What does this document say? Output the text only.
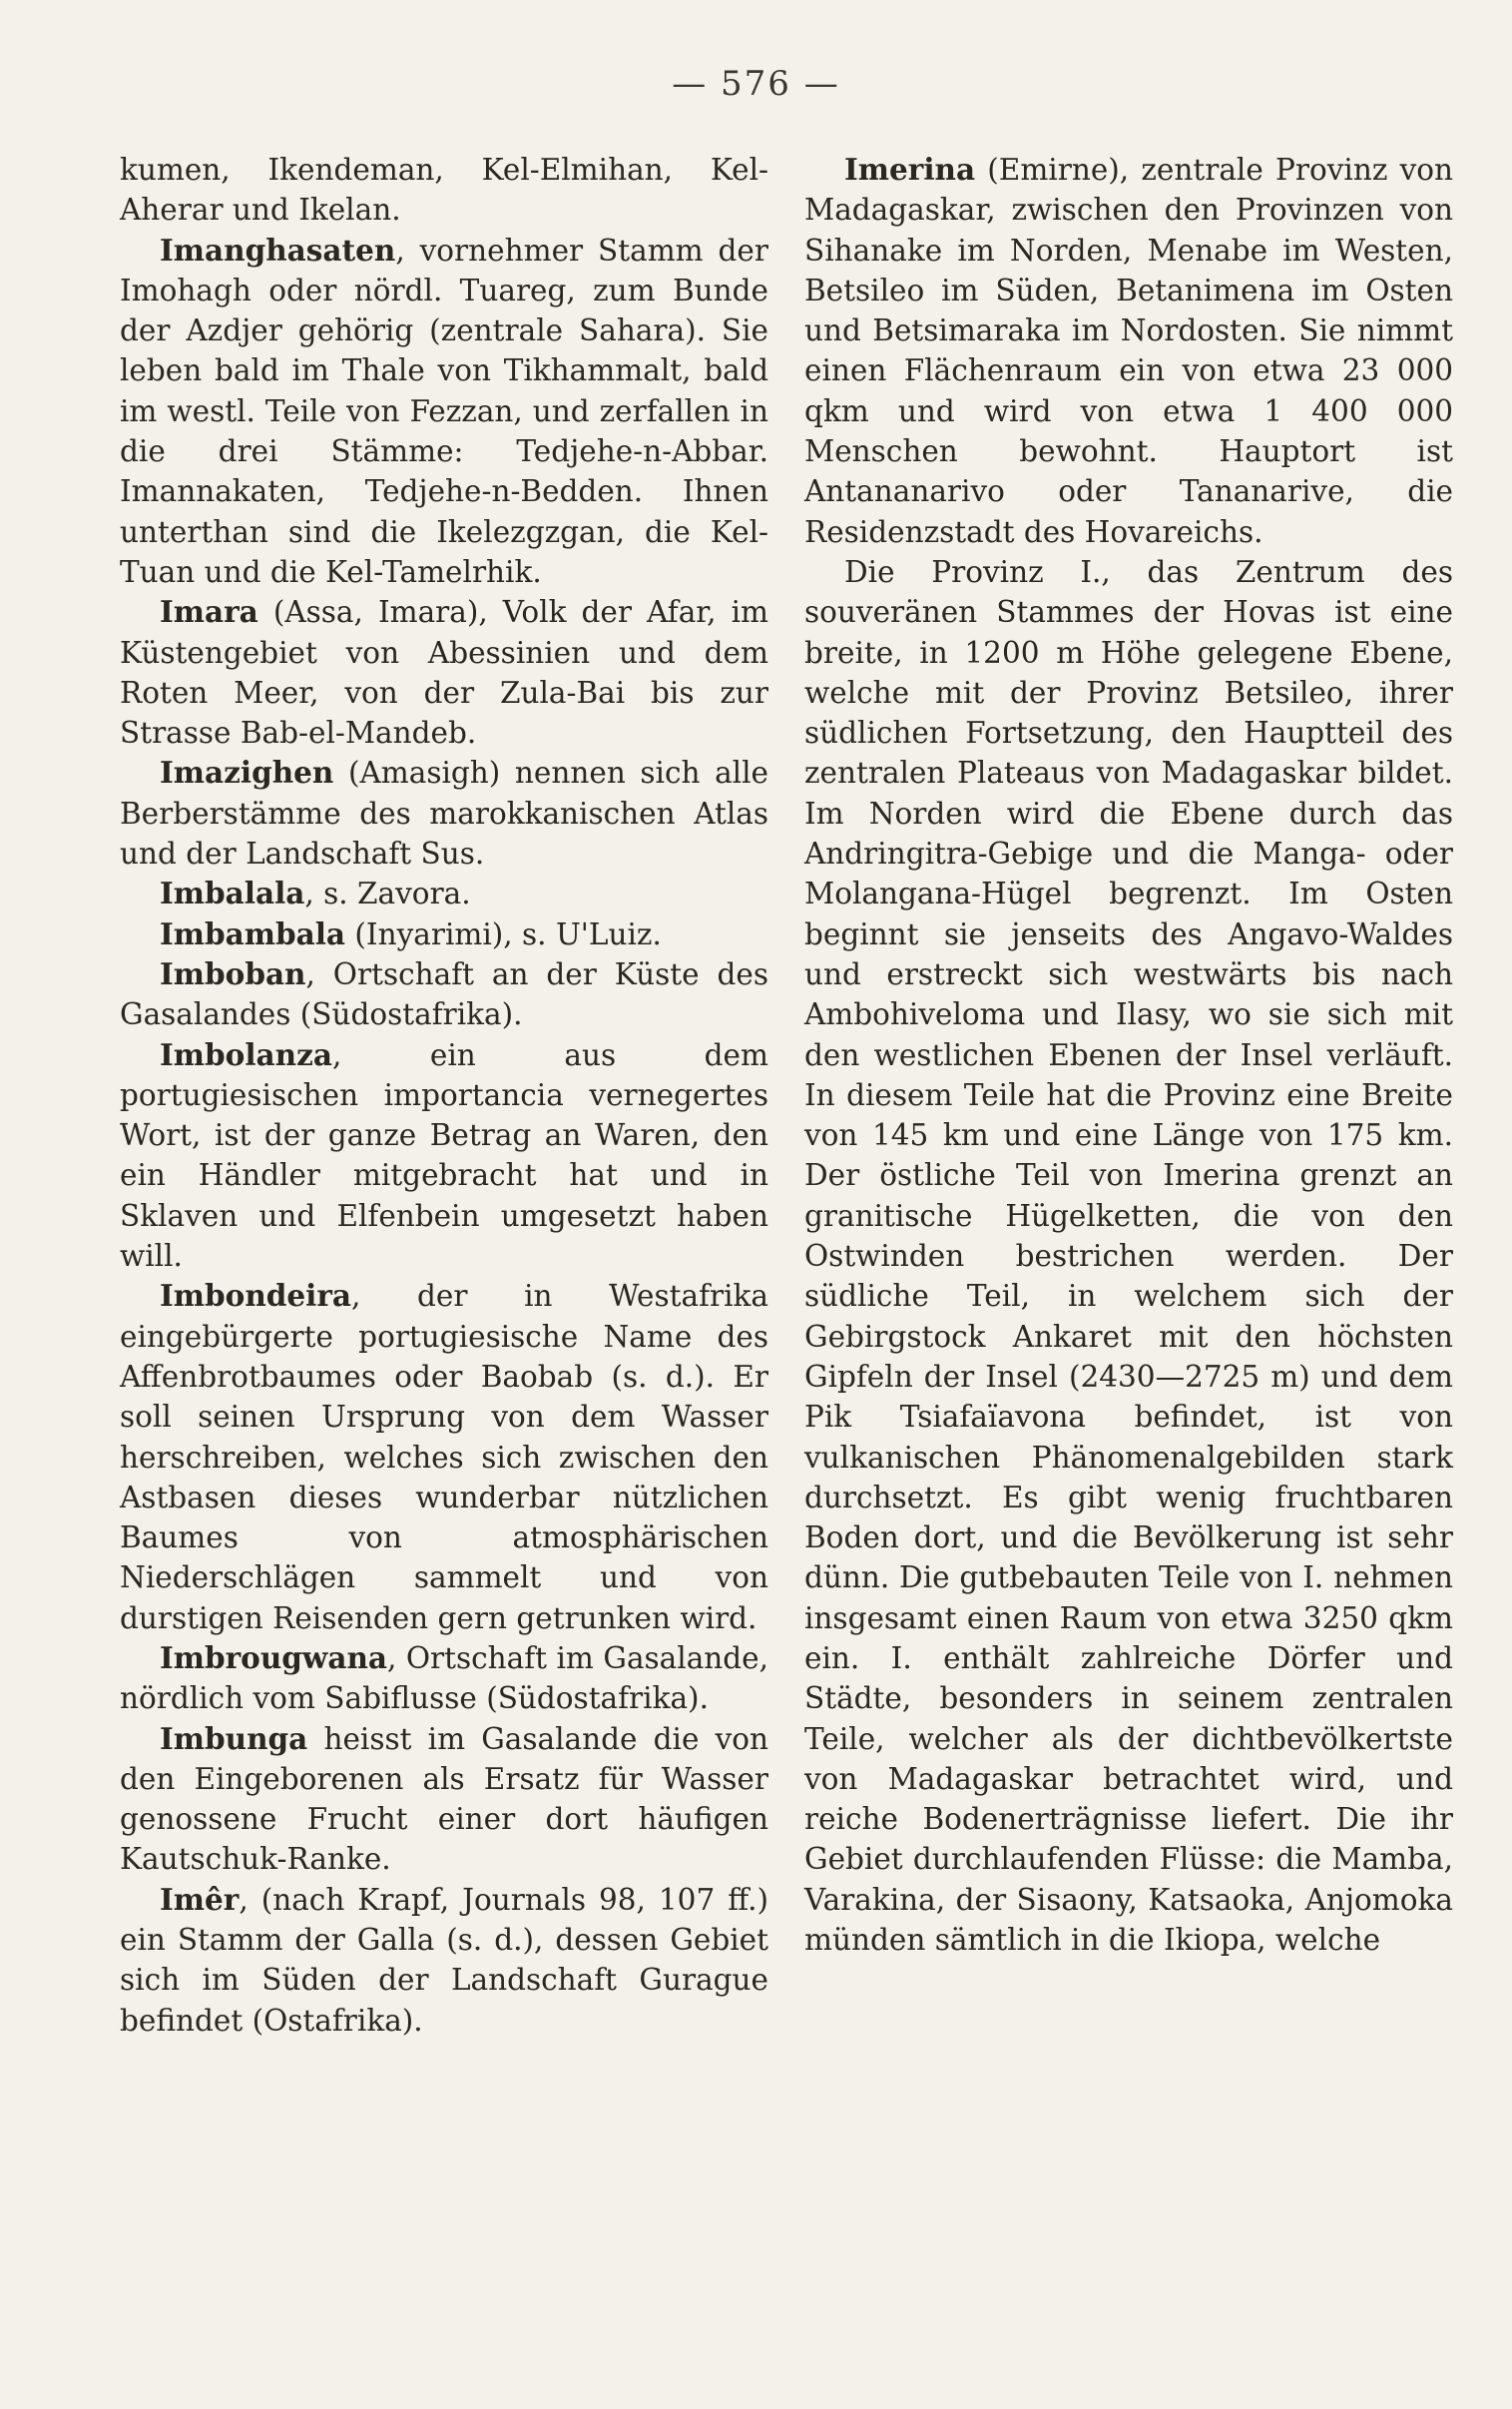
— 576 —

kumen, Ikendeman, Kel-Elmihan, Kel-Aherar und Ikelan.

Imanghasaten, vornehmer Stamm der Imohagh oder nördl. Tuareg, zum Bunde der Azdjer gehörig (zentrale Sahara). Sie leben bald im Thale von Tikhammalt, bald im westl. Teile von Fezzan, und zerfallen in die drei Stämme: Tedjehe-n-Abbar. Imannakaten, Tedjehe-n-Bedden. Ihnen unterthan sind die Ikelezgzgan, die Kel-Tuan und die Kel-Tamelrhik.

Imara (Assa, Imara), Volk der Afar, im Küstengebiet von Abessinien und dem Roten Meer, von der Zula-Bai bis zur Strasse Bab-el-Mandeb.

Imazighen (Amasigh) nennen sich alle Berberstämme des marokkanischen Atlas und der Landschaft Sus.

Imbalala, s. Zavora.

Imbambala (Inyarimi), s. U'Luiz.

Imboban, Ortschaft an der Küste des Gasalandes (Südostafrika).

Imbolanza, ein aus dem portugiesischen importancia vernegertes Wort, ist der ganze Betrag an Waren, den ein Händler mitgebracht hat und in Sklaven und Elfenbein umgesetzt haben will.

Imbondeira, der in Westafrika eingebürgerte portugiesische Name des Affenbrotbaumes oder Baobab (s. d.). Er soll seinen Ursprung von dem Wasser herschreiben, welches sich zwischen den Astbasen dieses wunderbar nützlichen Baumes von atmosphärischen Niederschlägen sammelt und von durstigen Reisenden gern getrunken wird.

Imbrougwana, Ortschaft im Gasalande, nördlich vom Sabiflusse (Südostafrika).

Imbunga heisst im Gasalande die von den Eingeborenen als Ersatz für Wasser genossene Frucht einer dort häufigen Kautschuk-Ranke.

Imêr, (nach Krapf, Journals 98, 107 ff.) ein Stamm der Galla (s. d.), dessen Gebiet sich im Süden der Landschaft Gurague befindet (Ostafrika).

Imerina (Emirne), zentrale Provinz von Madagaskar, zwischen den Provinzen von Sihanake im Norden, Menabe im Westen, Betsileo im Süden, Betanimena im Osten und Betsimaraka im Nordosten. Sie nimmt einen Flächenraum ein von etwa 23 000 qkm und wird von etwa 1 400 000 Menschen bewohnt. Hauptort ist Antananarivo oder Tananarive, die Residenzstadt des Hovareichs.

Die Provinz I., das Zentrum des souveränen Stammes der Hovas ist eine breite, in 1200 m Höhe gelegene Ebene, welche mit der Provinz Betsileo, ihrer südlichen Fortsetzung, den Hauptteil des zentralen Plateaus von Madagaskar bildet. Im Norden wird die Ebene durch das Andringitra-Gebige und die Manga- oder Molangana-Hügel begrenzt. Im Osten beginnt sie jenseits des Angavo-Waldes und erstreckt sich westwärts bis nach Ambohiveloma und Ilasy, wo sie sich mit den westlichen Ebenen der Insel verläuft. In diesem Teile hat die Provinz eine Breite von 145 km und eine Länge von 175 km. Der östliche Teil von Imerina grenzt an granitische Hügelketten, die von den Ostwinden bestrichen werden. Der südliche Teil, in welchem sich der Gebirgstock Ankaret mit den höchsten Gipfeln der Insel (2430—2725 m) und dem Pik Tsiafaïavona befindet, ist von vulkanischen Phänomenalgebilden stark durchsetzt. Es gibt wenig fruchtbaren Boden dort, und die Bevölkerung ist sehr dünn. Die gutbebauten Teile von I. nehmen insgesamt einen Raum von etwa 3250 qkm ein. I. enthält zahlreiche Dörfer und Städte, besonders in seinem zentralen Teile, welcher als der dichtbevölkertste von Madagaskar betrachtet wird, und reiche Bodenerträgnisse liefert. Die ihr Gebiet durchlaufenden Flüsse: die Mamba, Varakina, der Sisaony, Katsaoka, Anjomoka münden sämtlich in die Ikiopa, welche
